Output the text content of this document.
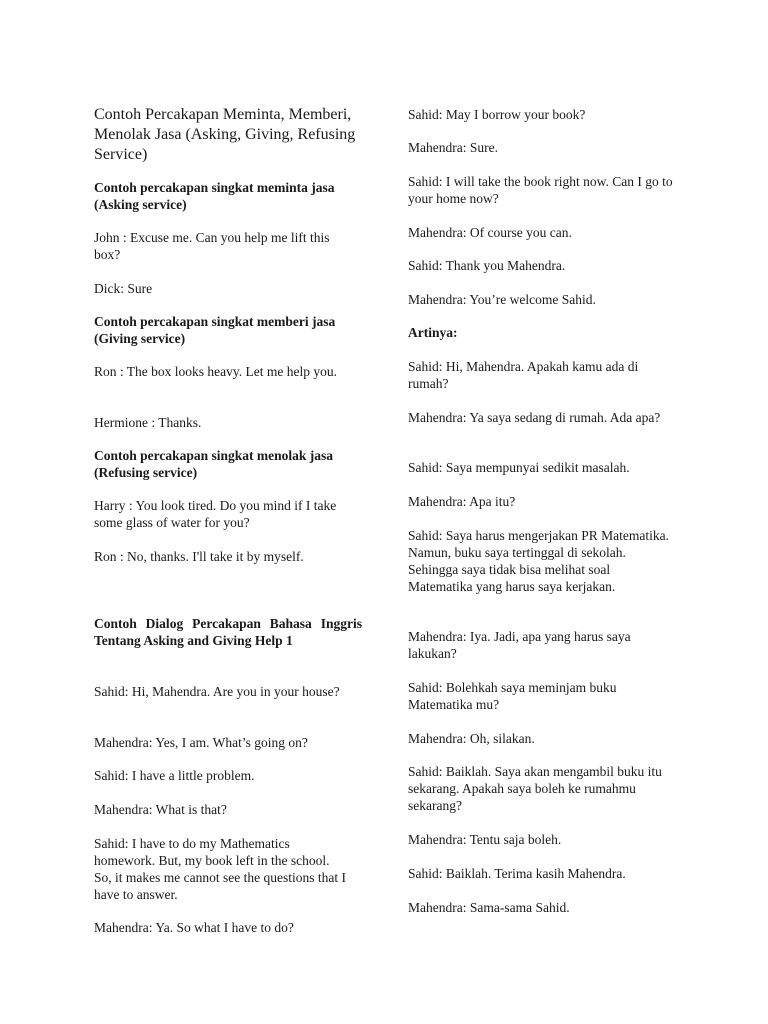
Contoh Percakapan Meminta, Memberi, Menolak Jasa (Asking, Giving, Refusing Service)

Contoh percakapan singkat meminta jasa (Asking service)

John : Excuse me. Can you help me lift this box?

Dick: Sure

Contoh percakapan singkat memberi jasa (Giving service)

Ron : The box looks heavy. Let me help you.

Hermione : Thanks.

Contoh percakapan singkat menolak jasa (Refusing service)

Harry : You look tired. Do you mind if I take some glass of water for you?

Ron : No, thanks. I'll take it by myself.

Contoh Dialog Percakapan Bahasa Inggris Tentang Asking and Giving Help 1

Sahid: Hi, Mahendra. Are you in your house?

Mahendra: Yes, I am. What’s going on?

Sahid: I have a little problem.

Mahendra: What is that?

Sahid: I have to do my Mathematics homework. But, my book left in the school. So, it makes me cannot see the questions that I have to answer.

Mahendra: Ya. So what I have to do?

Sahid: May I borrow your book?

Mahendra: Sure.

Sahid: I will take the book right now. Can I go to your home now?

Mahendra: Of course you can.

Sahid: Thank you Mahendra.

Mahendra: You’re welcome Sahid.

Artinya:

Sahid: Hi, Mahendra. Apakah kamu ada di rumah?

Mahendra: Ya saya sedang di rumah. Ada apa?

Sahid: Saya mempunyai sedikit masalah.

Mahendra: Apa itu?

Sahid: Saya harus mengerjakan PR Matematika. Namun, buku saya tertinggal di sekolah. Sehingga saya tidak bisa melihat soal Matematika yang harus saya kerjakan.

Mahendra: Iya. Jadi, apa yang harus saya lakukan?

Sahid: Bolehkah saya meminjam buku Matematika mu?

Mahendra: Oh, silakan.

Sahid: Baiklah. Saya akan mengambil buku itu sekarang. Apakah saya boleh ke rumahmu sekarang?

Mahendra: Tentu saja boleh.

Sahid: Baiklah. Terima kasih Mahendra.

Mahendra: Sama-sama Sahid.
